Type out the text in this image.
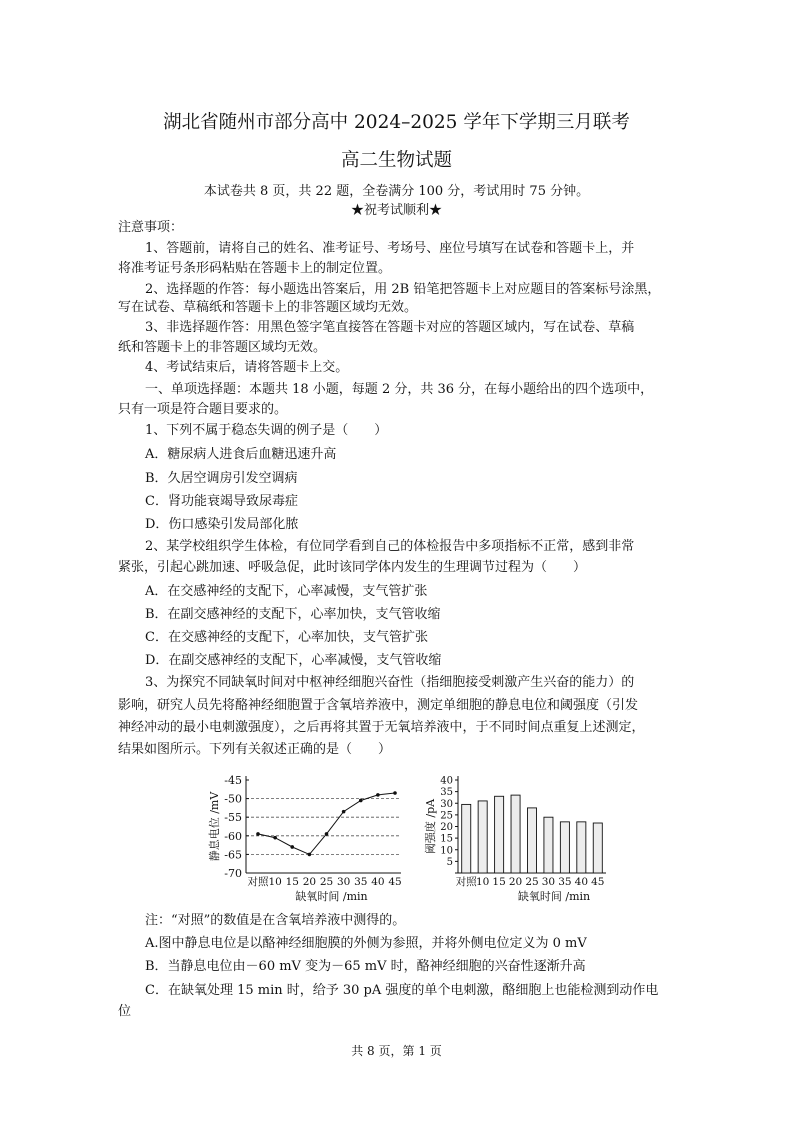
湖北省随州市部分高中 2024–2025 学年下学期三月联考
高二生物试题
本试卷共 8 页，共 22 题，全卷满分 100 分，考试用时 75 分钟。
★祝考试顺利★
注意事项：
1、答题前，请将自己的姓名、准考证号、考场号、座位号填写在试卷和答题卡上，并
将准考证号条形码粘贴在答题卡上的制定位置。
2、选择题的作答：每小题选出答案后，用 2B 铅笔把答题卡上对应题目的答案标号涂黑，
写在试卷、草稿纸和答题卡上的非答题区域均无效。
3、非选择题作答：用黑色签字笔直接答在答题卡对应的答题区域内，写在试卷、草稿
纸和答题卡上的非答题区域均无效。
4、考试结束后，请将答题卡上交。
一、单项选择题：本题共 18 小题，每题 2 分，共 36 分，在每小题给出的四个选项中，
只有一项是符合题目要求的。
1、下列不属于稳态失调的例子是（　　）
A．糖尿病人进食后血糖迅速升高
B．久居空调房引发空调病
C．肾功能衰竭导致尿毒症
D．伤口感染引发局部化脓
2、某学校组织学生体检，有位同学看到自己的体检报告中多项指标不正常，感到非常
紧张，引起心跳加速、呼吸急促，此时该同学体内发生的生理调节过程为（　　）
A．在交感神经的支配下，心率减慢，支气管扩张
B．在副交感神经的支配下，心率加快，支气管收缩
C．在交感神经的支配下，心率加快，支气管扩张
D．在副交感神经的支配下，心率减慢，支气管收缩
3、为探究不同缺氧时间对中枢神经细胞兴奋性（指细胞接受刺激产生兴奋的能力）的
影响，研究人员先将酪神经细胞置于含氧培养液中，测定单细胞的静息电位和阈强度（引发
神经冲动的最小电刺激强度），之后再将其置于无氧培养液中，于不同时间点重复上述测定，
结果如图所示。下列有关叙述正确的是（　　）
-45
-50
-55
-60
-65
-70
对照 10 15 20 25 30 35 40 45
缺氧时间 /min
静息电位 /mV
5
10
15
20
25
30
35
40
对照 10 15 20 25 30 35 40 45
缺氧时间 /min
阈强度 /pA
注：“对照”的数值是在含氧培养液中测得的。
A.图中静息电位是以酪神经细胞膜的外侧为参照，并将外侧电位定义为 0 mV
B．当静息电位由－60 mV 变为－65 mV 时，酪神经细胞的兴奋性逐渐升高
C．在缺氧处理 15 min 时，给予 30 pA 强度的单个电刺激，酪细胞上也能检测到动作电
位
共 8 页，第 1 页
